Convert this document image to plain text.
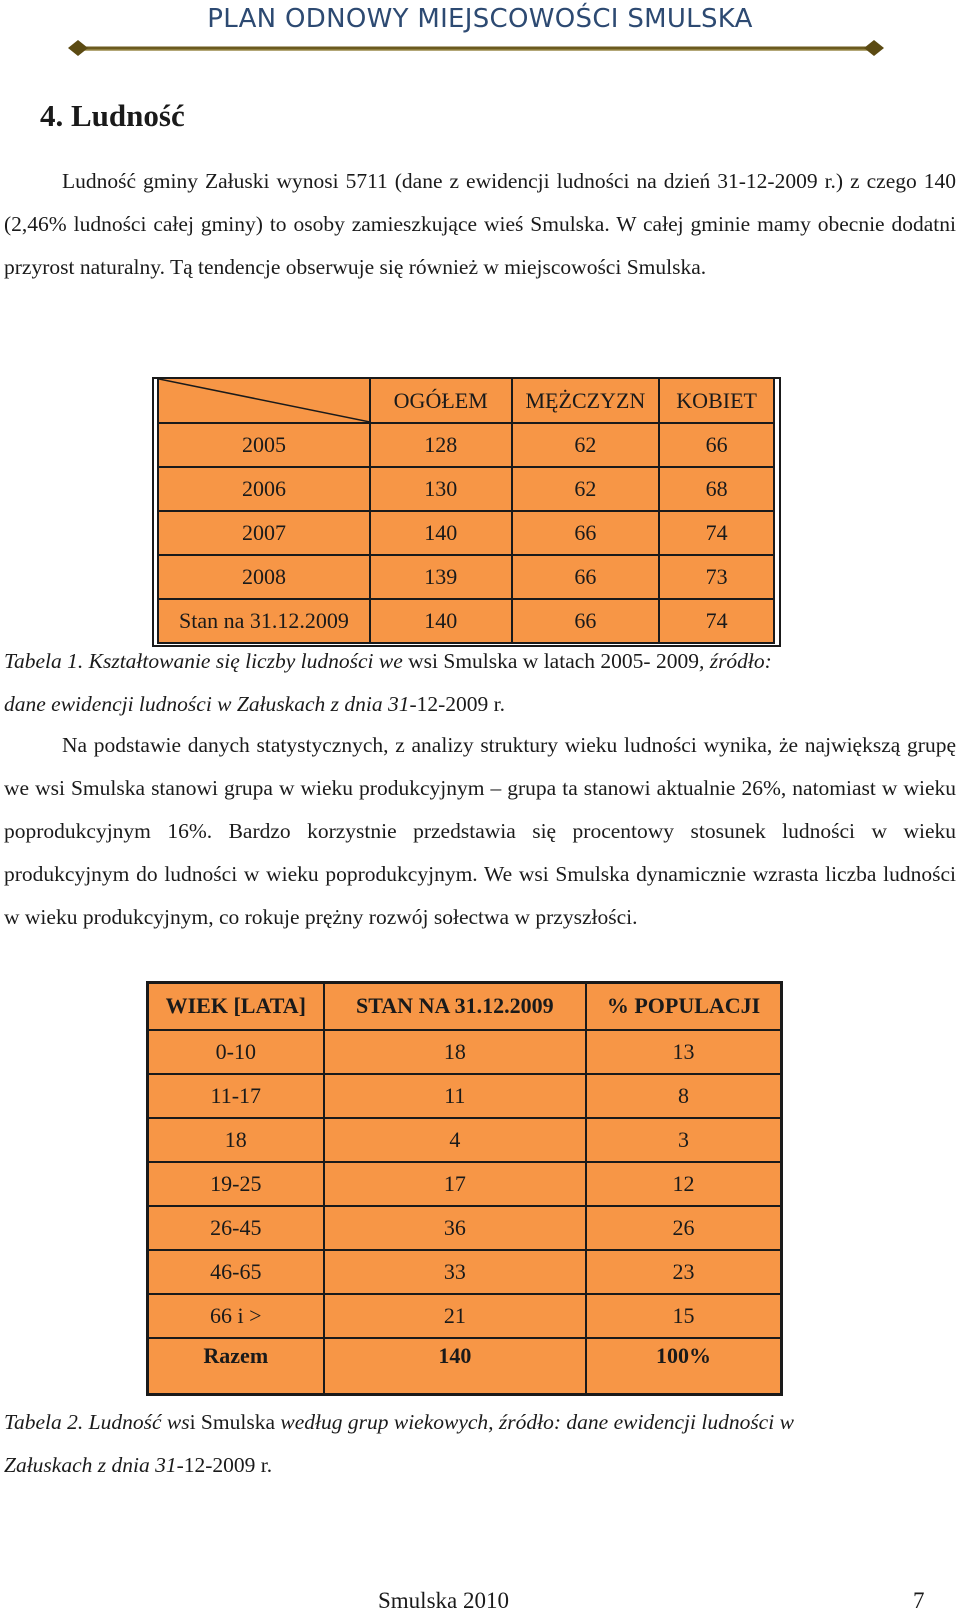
PLAN ODNOWY MIEJSCOWOŚCI SMULSKA
4. Ludność

Ludność gminy Załuski wynosi 5711 (dane z ewidencji ludności na dzień 31-12-2009 r.) z czego 140 (2,46% ludności całej gminy) to osoby zamieszkujące wieś Smulska. W całej gminie mamy obecnie dodatni przyrost naturalny. Tą tendencje obserwuje się również w miejscowości Smulska.

	OGÓŁEM	MĘŻCZYZN	KOBIET
2005	128	62	66
2006	130	62	68
2007	140	66	74
2008	139	66	73
Stan na 31.12.2009	140	66	74

Tabela 1. Kształtowanie się liczby ludności we wsi Smulska w latach 2005- 2009, źródło:
dane ewidencji ludności w Załuskach z dnia 31-12-2009 r.

Na podstawie danych statystycznych, z analizy struktury wieku ludności wynika, że największą grupę we wsi Smulska stanowi grupa w wieku produkcyjnym – grupa ta stanowi aktualnie 26%, natomiast w wieku poprodukcyjnym 16%. Bardzo korzystnie przedstawia się procentowy stosunek ludności w wieku produkcyjnym do ludności w wieku poprodukcyjnym. We wsi Smulska dynamicznie wzrasta liczba ludności w wieku produkcyjnym, co rokuje prężny rozwój sołectwa w przyszłości.

WIEK [LATA]	STAN NA 31.12.2009	% POPULACJI
0-10	18	13
11-17	11	8
18	4	3
19-25	17	12
26-45	36	26
46-65	33	23
66 i >	21	15
Razem	140	100%

Tabela 2. Ludność wsi Smulska według grup wiekowych, źródło: dane ewidencji ludności w
Załuskach z dnia 31-12-2009 r.

Smulska 2010	7
